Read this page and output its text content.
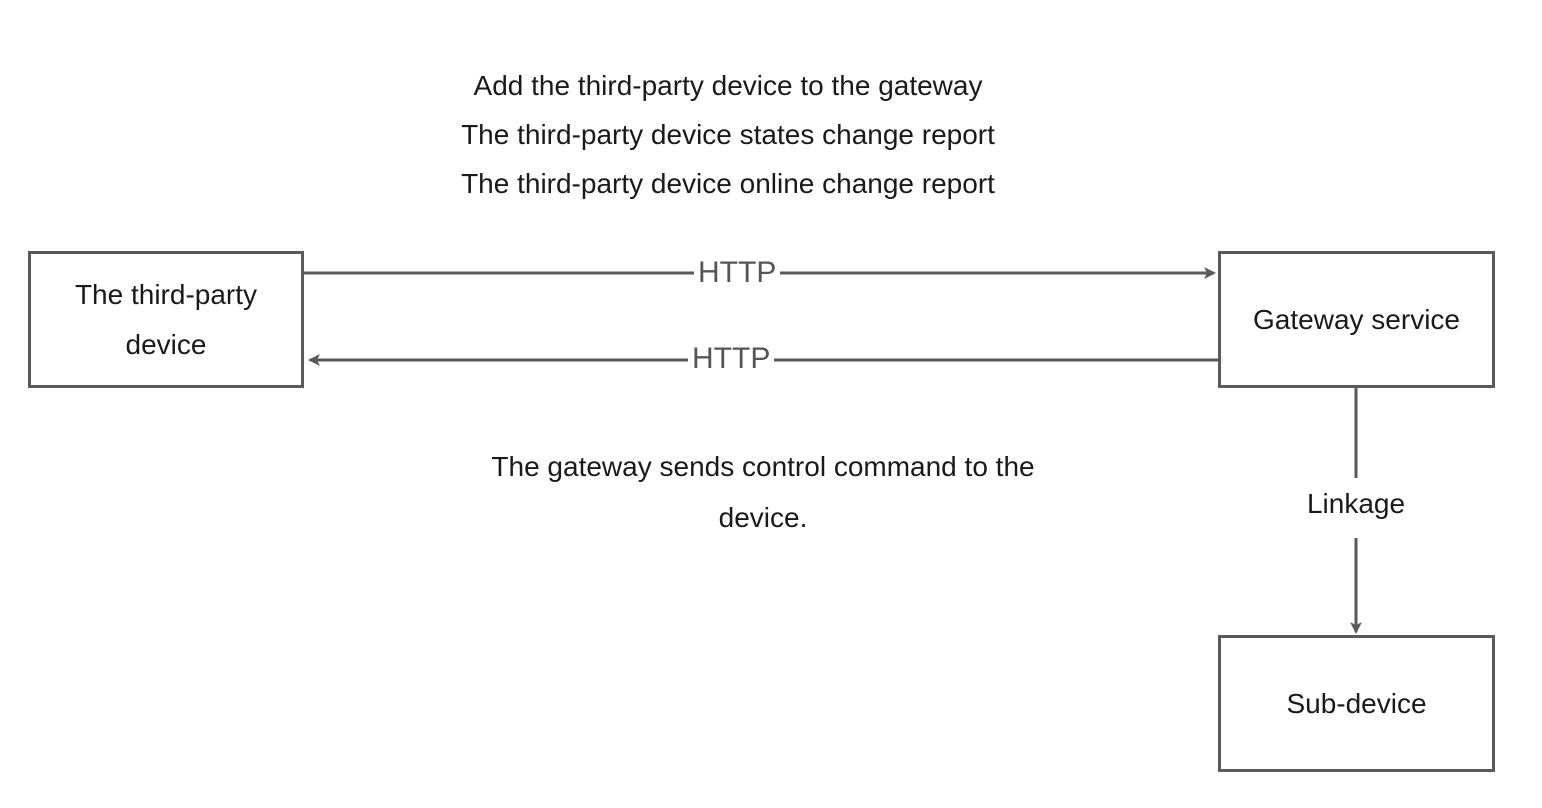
Add the third-party device to the gateway
The third-party device states change report
The third-party device online change report
The third-party
device
Gateway service
Sub-device
HTTP
HTTP
Linkage
The gateway sends control command to the
device.
